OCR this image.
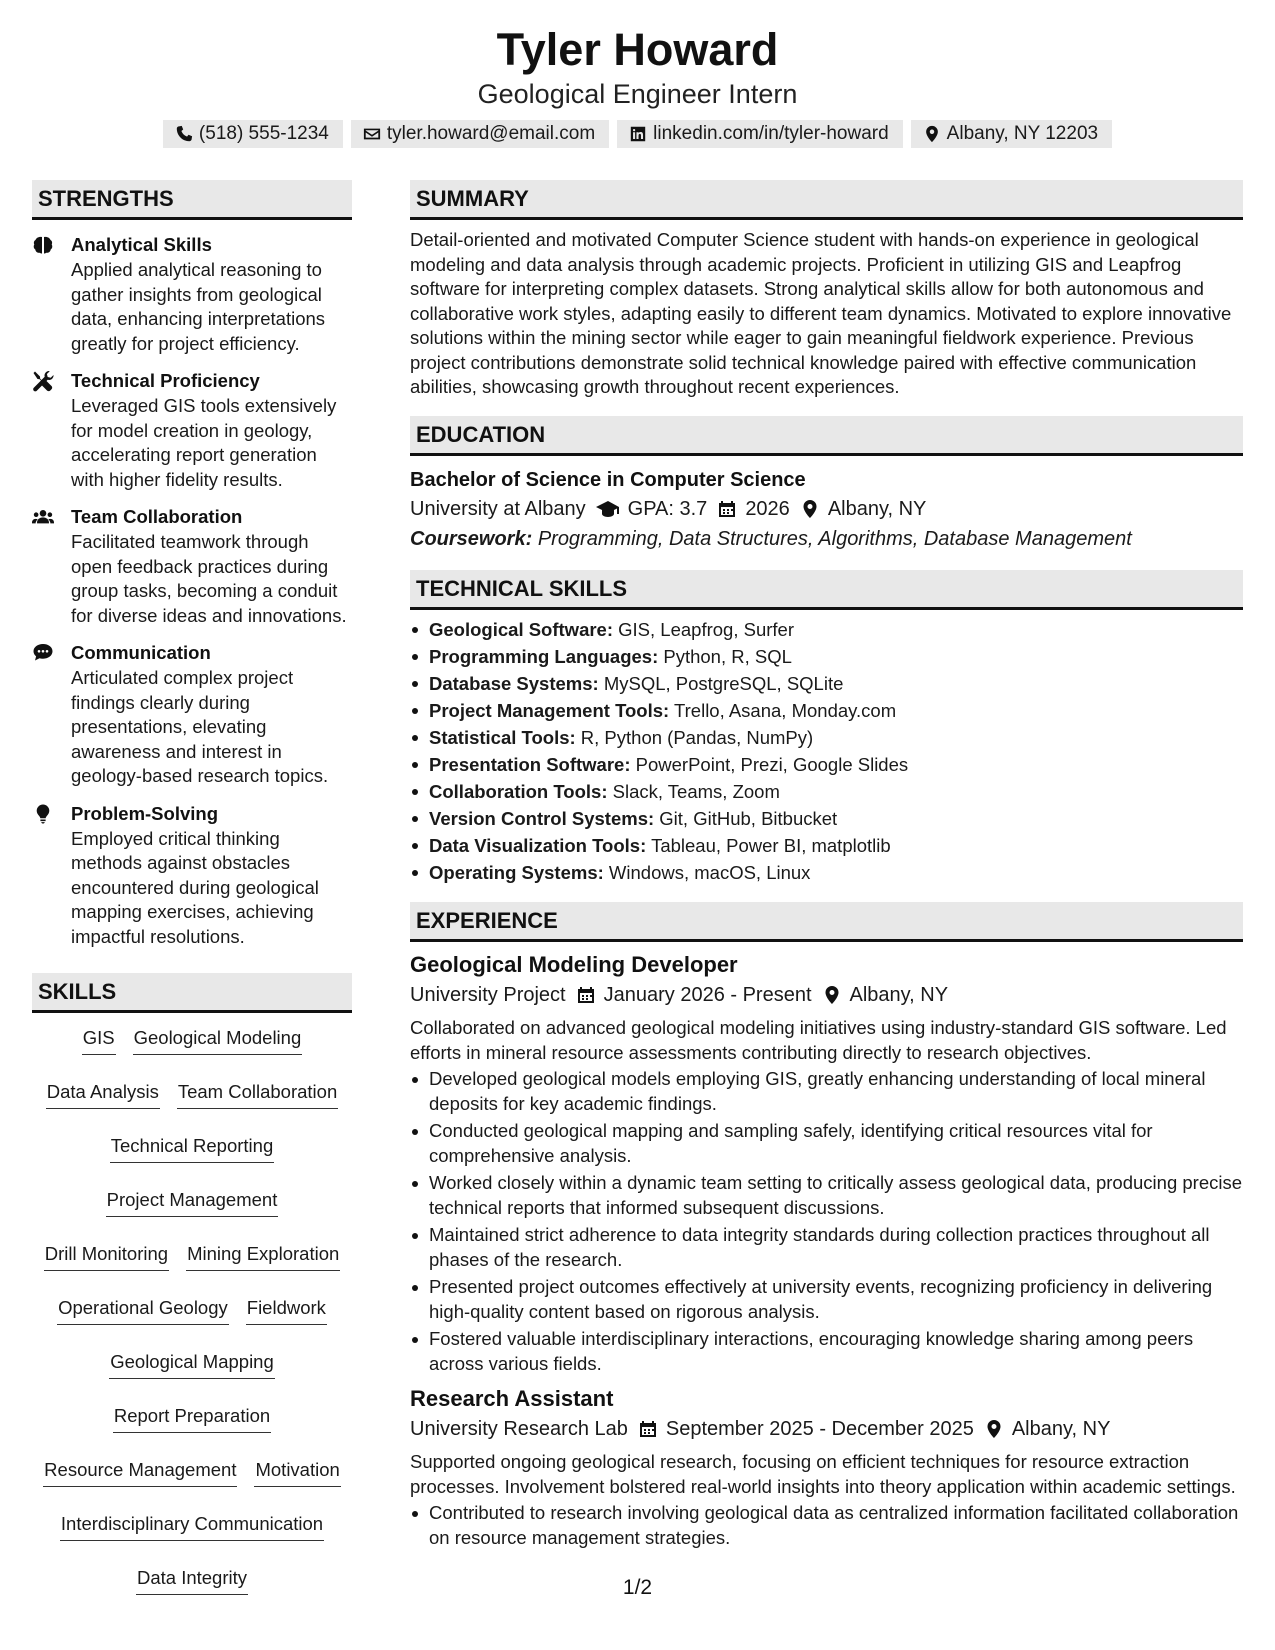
Tyler Howard
Geological Engineer Intern
(518) 555-1234	tyler.howard@email.com	linkedin.com/in/tyler-howard	Albany, NY 12203
STRENGTHS
Analytical Skills
Applied analytical reasoning to gather insights from geological data, enhancing interpretations greatly for project efficiency.
Technical Proficiency
Leveraged GIS tools extensively for model creation in geology, accelerating report generation with higher fidelity results.
Team Collaboration
Facilitated teamwork through open feedback practices during group tasks, becoming a conduit for diverse ideas and innovations.
Communication
Articulated complex project findings clearly during presentations, elevating awareness and interest in geology-based research topics.
Problem-Solving
Employed critical thinking methods against obstacles encountered during geological mapping exercises, achieving impactful resolutions.
SKILLS
GIS Geological Modeling
Data Analysis Team Collaboration
Technical Reporting
Project Management
Drill Monitoring Mining Exploration
Operational Geology Fieldwork
Geological Mapping
Report Preparation
Resource Management Motivation
Interdisciplinary Communication
Data Integrity
SUMMARY
Detail-oriented and motivated Computer Science student with hands-on experience in geological modeling and data analysis through academic projects. Proficient in utilizing GIS and Leapfrog software for interpreting complex datasets. Strong analytical skills allow for both autonomous and collaborative work styles, adapting easily to different team dynamics. Motivated to explore innovative solutions within the mining sector while eager to gain meaningful fieldwork experience. Previous project contributions demonstrate solid technical knowledge paired with effective communication abilities, showcasing growth throughout recent experiences.
EDUCATION
Bachelor of Science in Computer Science
University at Albany GPA: 3.7 2026 Albany, NY
Coursework: Programming, Data Structures, Algorithms, Database Management
TECHNICAL SKILLS
Geological Software: GIS, Leapfrog, Surfer
Programming Languages: Python, R, SQL
Database Systems: MySQL, PostgreSQL, SQLite
Project Management Tools: Trello, Asana, Monday.com
Statistical Tools: R, Python (Pandas, NumPy)
Presentation Software: PowerPoint, Prezi, Google Slides
Collaboration Tools: Slack, Teams, Zoom
Version Control Systems: Git, GitHub, Bitbucket
Data Visualization Tools: Tableau, Power BI, matplotlib
Operating Systems: Windows, macOS, Linux
EXPERIENCE
Geological Modeling Developer
University Project January 2026 - Present Albany, NY
Collaborated on advanced geological modeling initiatives using industry-standard GIS software. Led efforts in mineral resource assessments contributing directly to research objectives.
Developed geological models employing GIS, greatly enhancing understanding of local mineral deposits for key academic findings.
Conducted geological mapping and sampling safely, identifying critical resources vital for comprehensive analysis.
Worked closely within a dynamic team setting to critically assess geological data, producing precise technical reports that informed subsequent discussions.
Maintained strict adherence to data integrity standards during collection practices throughout all phases of the research.
Presented project outcomes effectively at university events, recognizing proficiency in delivering high-quality content based on rigorous analysis.
Fostered valuable interdisciplinary interactions, encouraging knowledge sharing among peers across various fields.
Research Assistant
University Research Lab September 2025 - December 2025 Albany, NY
Supported ongoing geological research, focusing on efficient techniques for resource extraction processes. Involvement bolstered real-world insights into theory application within academic settings.
Contributed to research involving geological data as centralized information facilitated collaboration on resource management strategies.
1/2
